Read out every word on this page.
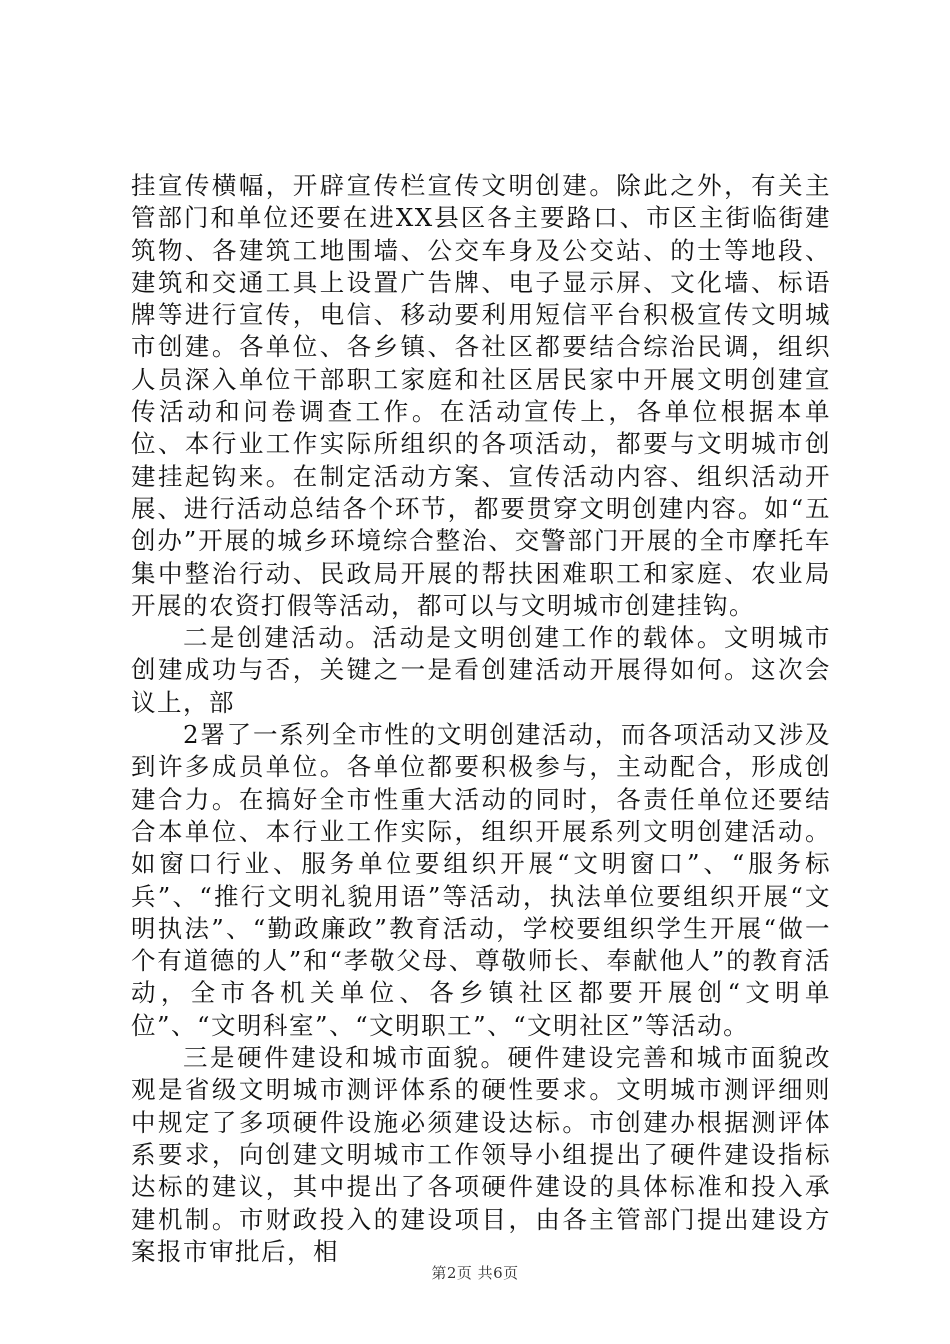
挂宣传横幅，开辟宣传栏宣传文明创建。除此之外，有关主管部门和单位还要在进XX县区各主要路口、市区主街临街建筑物、各建筑工地围墙、公交车身及公交站、的士等地段、建筑和交通工具上设置广告牌、电子显示屏、文化墙、标语牌等进行宣传，电信、移动要利用短信平台积极宣传文明城市创建。各单位、各乡镇、各社区都要结合综治民调，组织人员深入单位干部职工家庭和社区居民家中开展文明创建宣传活动和问卷调查工作。在活动宣传上，各单位根据本单位、本行业工作实际所组织的各项活动，都要与文明城市创建挂起钩来。在制定活动方案、宣传活动内容、组织活动开展、进行活动总结各个环节，都要贯穿文明创建内容。如“五创办”开展的城乡环境综合整治、交警部门开展的全市摩托车集中整治行动、民政局开展的帮扶困难职工和家庭、农业局开展的农资打假等活动，都可以与文明城市创建挂钩。

二是创建活动。活动是文明创建工作的载体。文明城市创建成功与否，关键之一是看创建活动开展得如何。这次会议上，部

2署了一系列全市性的文明创建活动，而各项活动又涉及到许多成员单位。各单位都要积极参与，主动配合，形成创建合力。在搞好全市性重大活动的同时，各责任单位还要结合本单位、本行业工作实际，组织开展系列文明创建活动。如窗口行业、服务单位要组织开展“文明窗口”、“服务标兵”、“推行文明礼貌用语”等活动，执法单位要组织开展“文明执法”、“勤政廉政”教育活动，学校要组织学生开展“做一个有道德的人”和“孝敬父母、尊敬师长、奉献他人”的教育活动，全市各机关单位、各乡镇社区都要开展创“文明单位”、“文明科室”、“文明职工”、“文明社区”等活动。

三是硬件建设和城市面貌。硬件建设完善和城市面貌改观是省级文明城市测评体系的硬性要求。文明城市测评细则中规定了多项硬件设施必须建设达标。市创建办根据测评体系要求，向创建文明城市工作领导小组提出了硬件建设指标达标的建议，其中提出了各项硬件建设的具体标准和投入承建机制。市财政投入的建设项目，由各主管部门提出建设方案报市审批后，相

第2页 共6页
